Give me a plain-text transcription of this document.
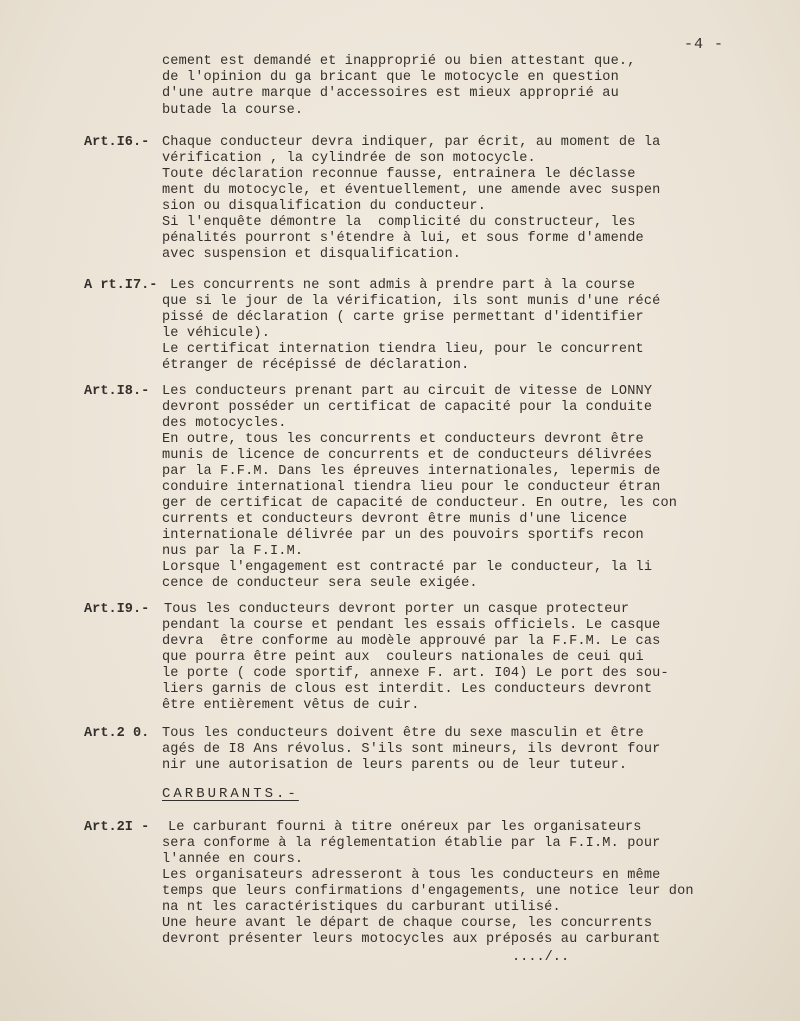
-4 -
cement est demandé et inapproprié ou bien attestant que.,
de l'opinion du ga bricant que le motocycle en question
d'une autre marque d'accessoires est mieux approprié au
butade la course.
Art.I6.- Chaque conducteur devra indiquer, par écrit, au moment de la
vérification , la cylindrée de son motocycle.
Toute déclaration reconnue fausse, entrainera le déclasse
ment du motocycle, et éventuellement, une amende avec suspen
sion ou disqualification du conducteur.
Si l'enquête démontre la  complicité du constructeur, les
pénalités pourront s'étendre à lui, et sous forme d'amende
avec suspension et disqualification.
A rt.I7.- Les concurrents ne sont admis à prendre part à la course
que si le jour de la vérification, ils sont munis d'une récé
pissé de déclaration ( carte grise permettant d'identifier
le véhicule).
Le certificat internation tiendra lieu, pour le concurrent
étranger de récépissé de déclaration.
Art.I8.- Les conducteurs prenant part au circuit de vitesse de LONNY
devront posséder un certificat de capacité pour la conduite
des motocycles.
En outre, tous les concurrents et conducteurs devront être
munis de licence de concurrents et de conducteurs délivrées
par la F.F.M. Dans les épreuves internationales, lepermis de
conduire international tiendra lieu pour le conducteur étran
ger de certificat de capacité de conducteur. En outre, les con
currents et conducteurs devront être munis d'une licence
internationale délivrée par un des pouvoirs sportifs recon
nus par la F.I.M.
Lorsque l'engagement est contracté par le conducteur, la li
cence de conducteur sera seule exigée.
Art.I9.- Tous les conducteurs devront porter un casque protecteur
pendant la course et pendant les essais officiels. Le casque
devra  être conforme au modèle approuvé par la F.F.M. Le cas
que pourra être peint aux  couleurs nationales de ceui qui
le porte ( code sportif, annexe F. art. I04) Le port des sou-
liers garnis de clous est interdit. Les conducteurs devront
être entièrement vêtus de cuir.
Art.2 0. Tous les conducteurs doivent être du sexe masculin et être
agés de I8 Ans révolus. S'ils sont mineurs, ils devront four
nir une autorisation de leurs parents ou de leur tuteur.
CARBURANTS.-
Art.2I - Le carburant fourni à titre onéreux par les organisateurs
sera conforme à la réglementation établie par la F.I.M. pour
l'année en cours.
Les organisateurs adresseront à tous les conducteurs en même
temps que leurs confirmations d'engagements, une notice leur don
na nt les caractéristiques du carburant utilisé.
Une heure avant le départ de chaque course, les concurrents
devront présenter leurs motocycles aux préposés au carburant
..../..
